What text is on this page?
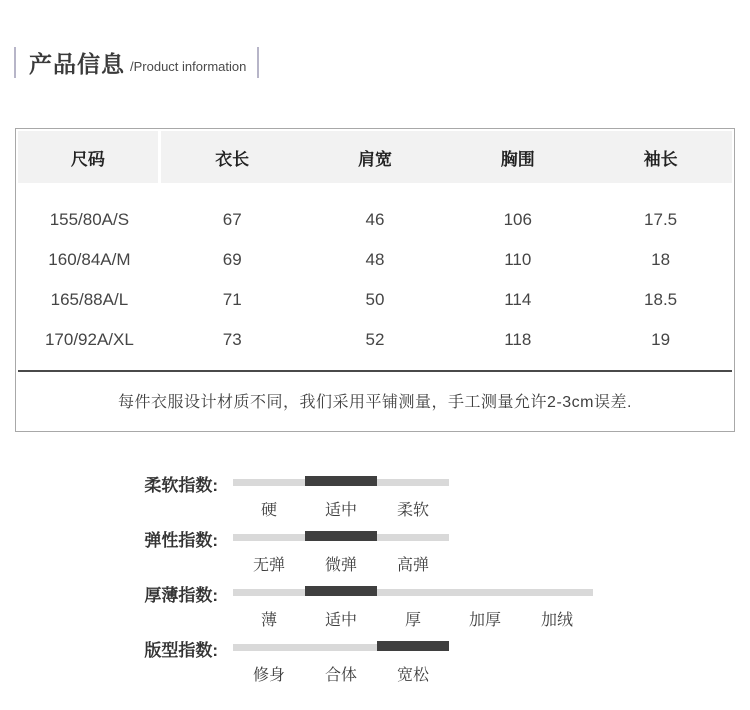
产品信息 /Product information
尺码	衣长	肩宽	胸围	袖长
155/80A/S	67	46	106	17.5
160/84A/M	69	48	110	18
165/88A/L	71	50	114	18.5
170/92A/XL	73	52	118	19
每件衣服设计材质不同，我们采用平铺测量，手工测量允许2-3cm误差.
柔软指数:
硬	适中	柔软
弹性指数:
无弹	微弹	高弹
厚薄指数:
薄	适中	厚	加厚	加绒
版型指数:
修身	合体	宽松
